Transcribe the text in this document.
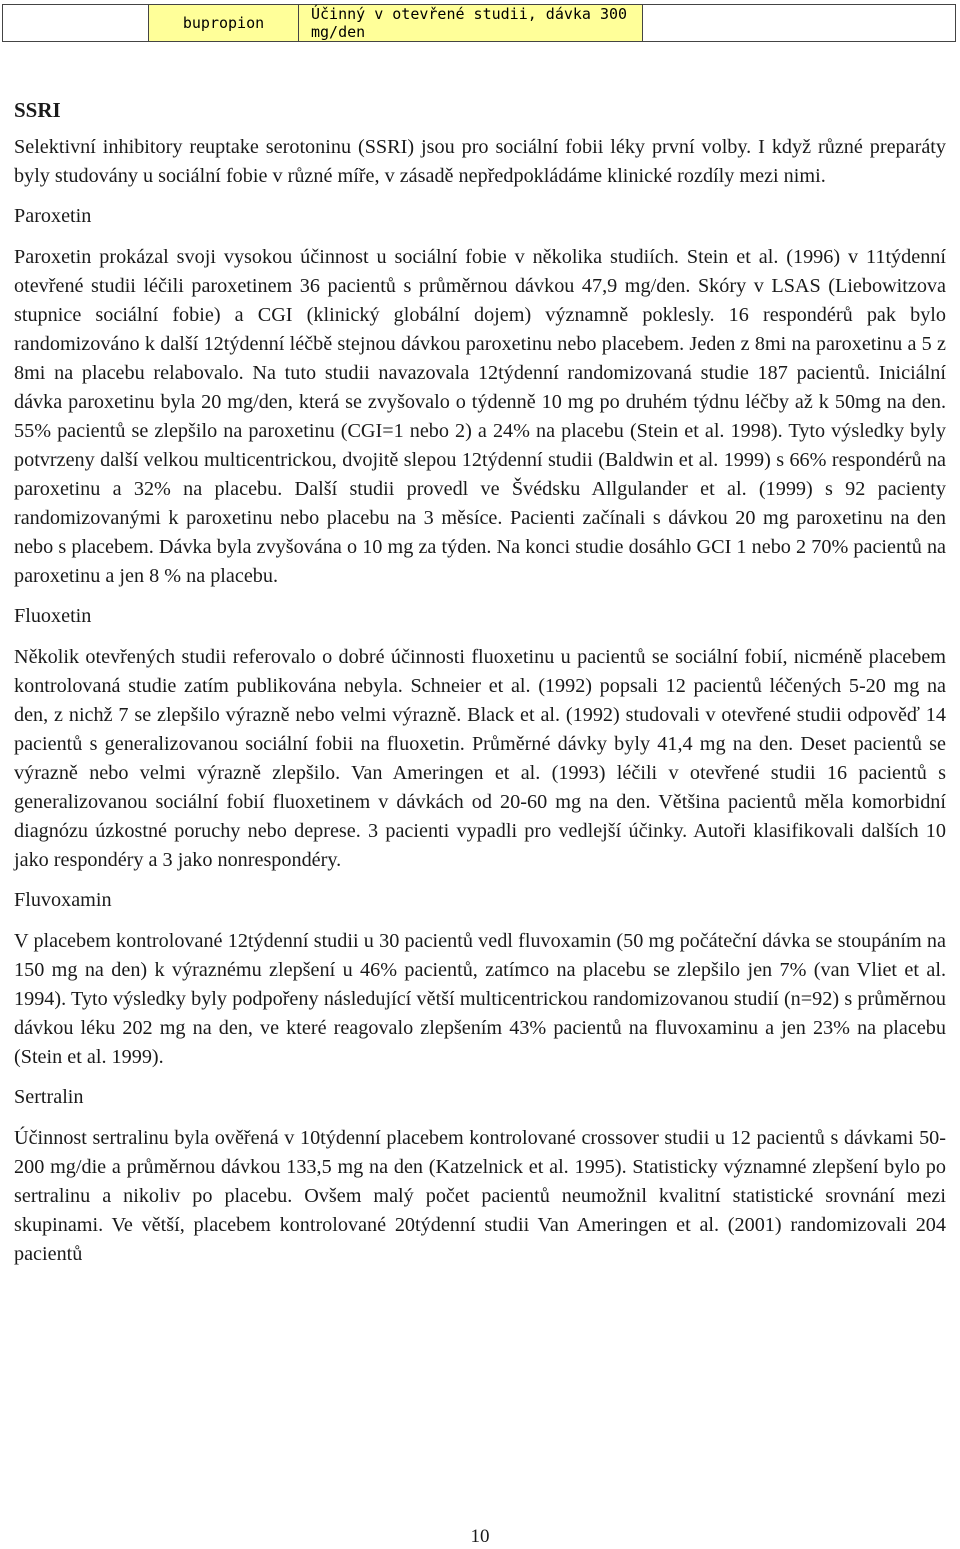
bupropion	Účinný v otevřené studii, dávka 300 mg/den
SSRI

Selektivní inhibitory reuptake serotoninu (SSRI) jsou pro sociální fobii léky první volby. I když různé preparáty byly studovány u sociální fobie v různé míře, v zásadě nepředpokládáme klinické rozdíly mezi nimi.

Paroxetin

Paroxetin prokázal svoji vysokou účinnost u sociální fobie v několika studiích. Stein et al. (1996) v 11týdenní otevřené studii léčili paroxetinem 36 pacientů s průměrnou dávkou 47,9 mg/den. Skóry v LSAS (Liebowitzova stupnice sociální fobie) a CGI (klinický globální dojem) významně poklesly. 16 respondérů pak bylo randomizováno k další 12týdenní léčbě stejnou dávkou paroxetinu nebo placebem. Jeden z 8mi na paroxetinu a 5 z 8mi na placebu relabovalo. Na tuto studii navazovala 12týdenní randomizovaná studie 187 pacientů. Iniciální dávka paroxetinu byla 20 mg/den, která se zvyšovalo o týdenně 10 mg po druhém týdnu léčby až k 50mg na den. 55% pacientů se zlepšilo na paroxetinu (CGI=1 nebo 2) a 24% na placebu (Stein et al. 1998). Tyto výsledky byly potvrzeny další velkou multicentrickou, dvojitě slepou 12týdenní studii (Baldwin et al. 1999) s 66% respondérů na paroxetinu a 32% na placebu. Další studii provedl ve Švédsku Allgulander et al. (1999) s 92 pacienty randomizovanými k paroxetinu nebo placebu na 3 měsíce. Pacienti začínali s dávkou 20 mg paroxetinu na den nebo s placebem. Dávka byla zvyšována o 10 mg za týden. Na konci studie dosáhlo GCI 1 nebo 2 70% pacientů na paroxetinu a jen 8 % na placebu.

Fluoxetin

Několik otevřených studii referovalo o dobré účinnosti fluoxetinu u pacientů se sociální fobií, nicméně placebem kontrolovaná studie zatím publikována nebyla. Schneier et al. (1992) popsali 12 pacientů léčených 5-20 mg na den, z nichž 7 se zlepšilo výrazně nebo velmi výrazně. Black et al. (1992) studovali v otevřené studii odpověď 14 pacientů s generalizovanou sociální fobii na fluoxetin. Průměrné dávky byly 41,4 mg na den. Deset pacientů se výrazně nebo velmi výrazně zlepšilo. Van Ameringen et al. (1993) léčili v otevřené studii 16 pacientů s generalizovanou sociální fobií fluoxetinem v dávkách od 20-60 mg na den. Většina pacientů měla komorbidní diagnózu úzkostné poruchy nebo deprese. 3 pacienti vypadli pro vedlejší účinky. Autoři klasifikovali dalších 10 jako respondéry a 3 jako nonrespondéry.

Fluvoxamin

V placebem kontrolované 12týdenní studii u 30 pacientů vedl fluvoxamin (50 mg počáteční dávka se stoupáním na 150 mg na den) k výraznému zlepšení u 46% pacientů, zatímco na placebu se zlepšilo jen 7% (van Vliet et al. 1994). Tyto výsledky byly podpořeny následující větší multicentrickou randomizovanou studií (n=92) s průměrnou dávkou léku 202 mg na den, ve které reagovalo zlepšením 43% pacientů na fluvoxaminu a jen 23% na placebu (Stein et al. 1999).

Sertralin

Účinnost sertralinu byla ověřená v 10týdenní placebem kontrolované crossover studii u 12 pacientů s dávkami 50-200 mg/die a průměrnou dávkou 133,5 mg na den (Katzelnick et al. 1995). Statisticky významné zlepšení bylo po sertralinu a nikoliv po placebu. Ovšem malý počet pacientů neumožnil kvalitní statistické srovnání mezi skupinami. Ve větší, placebem kontrolované 20týdenní studii Van Ameringen et al. (2001) randomizovali 204 pacientů

10
